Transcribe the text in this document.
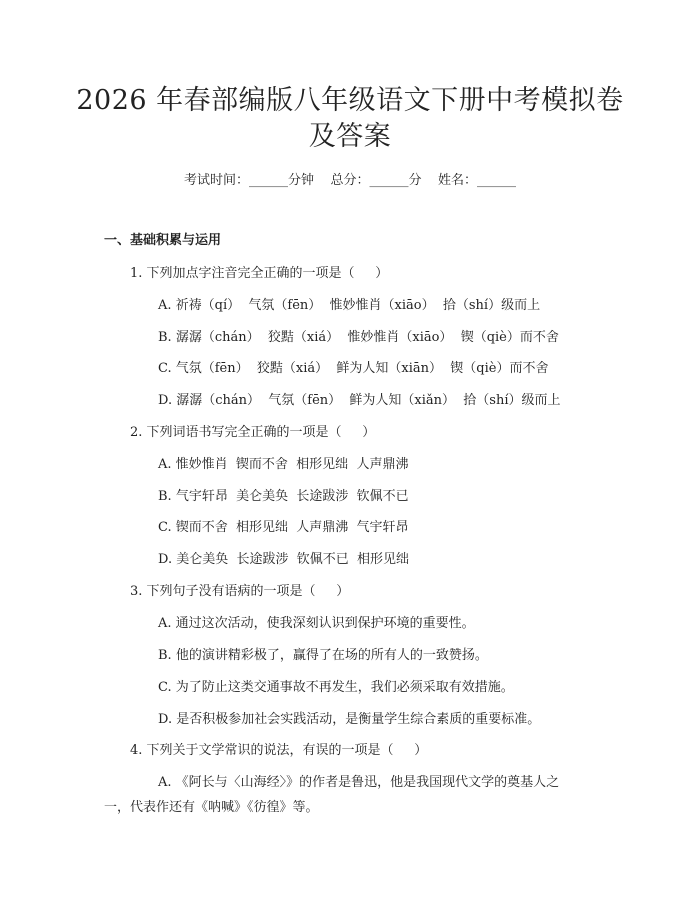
2026 年春部编版八年级语文下册中考模拟卷
及答案
考试时间：______分钟    总分：______分    姓名：______
一、基础积累与运用
1. 下列加点字注音完全正确的一项是（     ）
A. 祈祷（qí）  气氛（fēn）  惟妙惟肖（xiāo）  拾（shí）级而上
B. 潺潺（chán）  狡黠（xiá）  惟妙惟肖（xiāo）  锲（qiè）而不舍
C. 气氛（fēn）  狡黠（xiá）  鲜为人知（xiān）  锲（qiè）而不舍
D. 潺潺（chán）  气氛（fēn）  鲜为人知（xiǎn）  拾（shí）级而上
2. 下列词语书写完全正确的一项是（     ）
A. 惟妙惟肖  锲而不舍  相形见绌  人声鼎沸
B. 气宇轩昂  美仑美奂  长途跋涉  钦佩不已
C. 锲而不舍  相形见绌  人声鼎沸  气宇轩昂
D. 美仑美奂  长途跋涉  钦佩不已  相形见绌
3. 下列句子没有语病的一项是（     ）
A. 通过这次活动，使我深刻认识到保护环境的重要性。
B. 他的演讲精彩极了，赢得了在场的所有人的一致赞扬。
C. 为了防止这类交通事故不再发生，我们必须采取有效措施。
D. 是否积极参加社会实践活动，是衡量学生综合素质的重要标准。
4. 下列关于文学常识的说法，有误的一项是（     ）
A. 《阿长与〈山海经〉》的作者是鲁迅，他是我国现代文学的奠基人之
一，代表作还有《呐喊》《彷徨》等。
